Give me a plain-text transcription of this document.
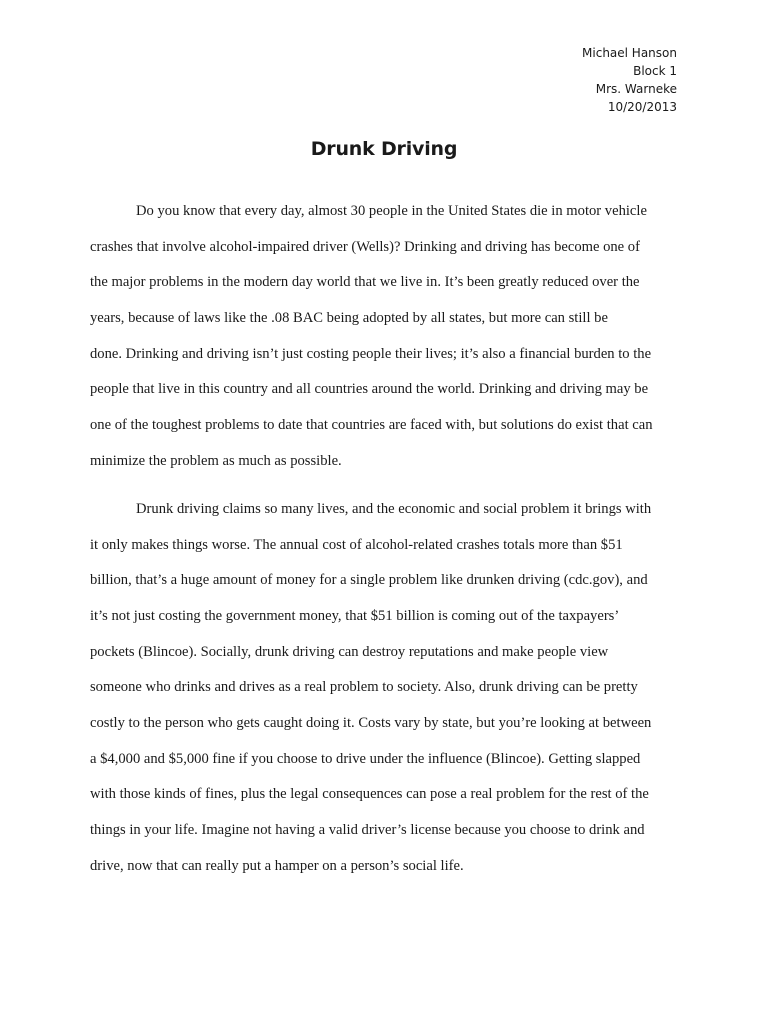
Michael Hanson
Block 1
Mrs. Warneke
10/20/2013
Drunk Driving
Do you know that every day, almost 30 people in the United States die in motor vehicle
crashes that involve alcohol-impaired driver (Wells)? Drinking and driving has become one of
the major problems in the modern day world that we live in. It’s been greatly reduced over the
years, because of laws like the .08 BAC being adopted by all states, but more can still be
done. Drinking and driving isn’t just costing people their lives; it’s also a financial burden to the
people that live in this country and all countries around the world. Drinking and driving may be
one of the toughest problems to date that countries are faced with, but solutions do exist that can
minimize the problem as much as possible.
Drunk driving claims so many lives, and the economic and social problem it brings with
it only makes things worse. The annual cost of alcohol-related crashes totals more than $51
billion, that’s a huge amount of money for a single problem like drunken driving (cdc.gov), and
it’s not just costing the government money, that $51 billion is coming out of the taxpayers’
pockets (Blincoe). Socially, drunk driving can destroy reputations and make people view
someone who drinks and drives as a real problem to society. Also, drunk driving can be pretty
costly to the person who gets caught doing it. Costs vary by state, but you’re looking at between
a $4,000 and $5,000 fine if you choose to drive under the influence (Blincoe). Getting slapped
with those kinds of fines, plus the legal consequences can pose a real problem for the rest of the
things in your life. Imagine not having a valid driver’s license because you choose to drink and
drive, now that can really put a hamper on a person’s social life.
